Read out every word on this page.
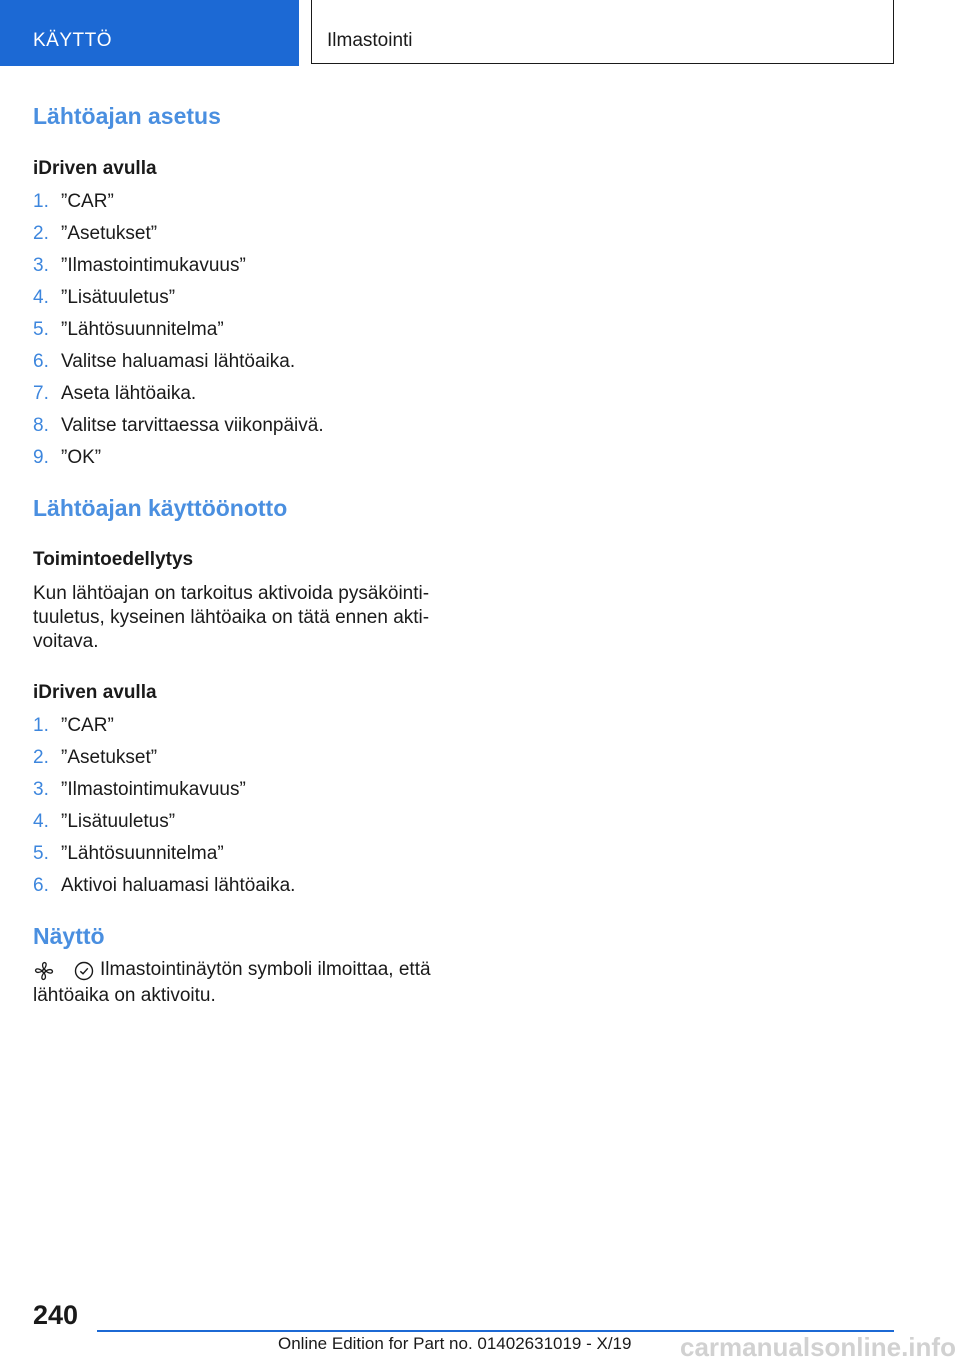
KÄYTTÖ	Ilmastointi
Lähtöajan asetus
iDriven avulla
1. ”CAR”
2. ”Asetukset”
3. ”Ilmastointimukavuus”
4. ”Lisätuuletus”
5. ”Lähtösuunnitelma”
6. Valitse haluamasi lähtöaika.
7. Aseta lähtöaika.
8. Valitse tarvittaessa viikonpäivä.
9. ”OK”
Lähtöajan käyttöönotto
Toimintoedellytys
Kun lähtöajan on tarkoitus aktivoida pysäköinti-
tuuletus, kyseinen lähtöaika on tätä ennen akti-
voitava.
iDriven avulla
1. ”CAR”
2. ”Asetukset”
3. ”Ilmastointimukavuus”
4. ”Lisätuuletus”
5. ”Lähtösuunnitelma”
6. Aktivoi haluamasi lähtöaika.
Näyttö
Ilmastointinäytön symboli ilmoittaa, että
lähtöaika on aktivoitu.
240
Online Edition for Part no. 01402631019 - X/19 carmanualsonline.info
